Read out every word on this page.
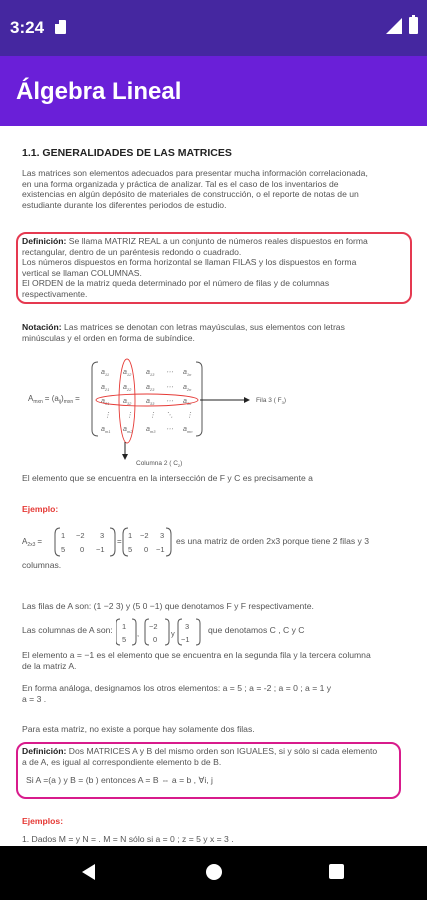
3:24
Álgebra Lineal
1.1. GENERALIDADES DE LAS MATRICES
Las matrices son elementos adecuados para presentar mucha información correlacionada,
en una forma organizada y práctica de analizar. Tal es el caso de los inventarios de
existencias en algún depósito de materiales de construcción, o el reporte de notas de un
estudiante durante los diferentes periodos de estudio.
Definición: Se llama MATRIZ REAL a un conjunto de números reales dispuestos en forma
rectangular, dentro de un paréntesis redondo o cuadrado.
Los números dispuestos en forma horizontal se llaman FILAS y los dispuestos en forma
vertical se llaman COLUMNAS.
El ORDEN de la matriz queda determinado por el número de filas y de columnas
respectivamente.
Notación: Las matrices se denotan con letras mayúsculas, sus elementos con letras
minúsculas y el orden en forma de subíndice.
$A_{mxn} = (a_{ij})_{mxn}$ =
$a_{11}$ $a_{12}$ $a_{13}$ ⋯ $a_{1n}$
$a_{21}$ $a_{22}$ $a_{23}$ ⋯ $a_{2n}$
$a_{31}$ $a_{32}$ $a_{33}$ ⋯ $a_{3n}$
⋮ ⋮ ⋮ ⋱ ⋮
$a_{m1}$ $a_{m2}$ $a_{m3}$ ⋯ $a_{mn}$
Fila 3 ( $F_3$)
Columna 2 ( $C_2$)
El elemento que se encuentra en la intersección de F y C es precisamente a
Ejemplo:
$A_{2x3}$ =
1 −2 3
5 0 −1
=
1 −2 3
5 0 −1
es una matriz de orden 2x3 porque tiene 2 filas y 3
columnas.
Las filas de A son: (1 −2 3) y (5 0 −1) que denotamos F y F respectivamente.
Las columnas de A son: 1
5
−2
0
3
−1
,	y	que denotamos C , C y C
El elemento a = −1 es el elemento que se encuentra en la segunda fila y la tercera columna
de la matriz A.
En forma análoga, designamos los otros elementos: a = 5 ; a = -2 ; a = 0 ; a = 1 y
a = 3 .
Para esta matriz, no existe a porque hay solamente dos filas.
Definición: Dos MATRICES A y B del mismo orden son IGUALES, si y sólo si cada elemento
a de A, es igual al correspondiente elemento b de B.
Si A =(a ) y B = (b ) entonces A = B ⇔ a = b , ∀i, j
Ejemplos:
1. Dados M = y N = . M = N sólo si a = 0 ; z = 5 y x = 3 .
